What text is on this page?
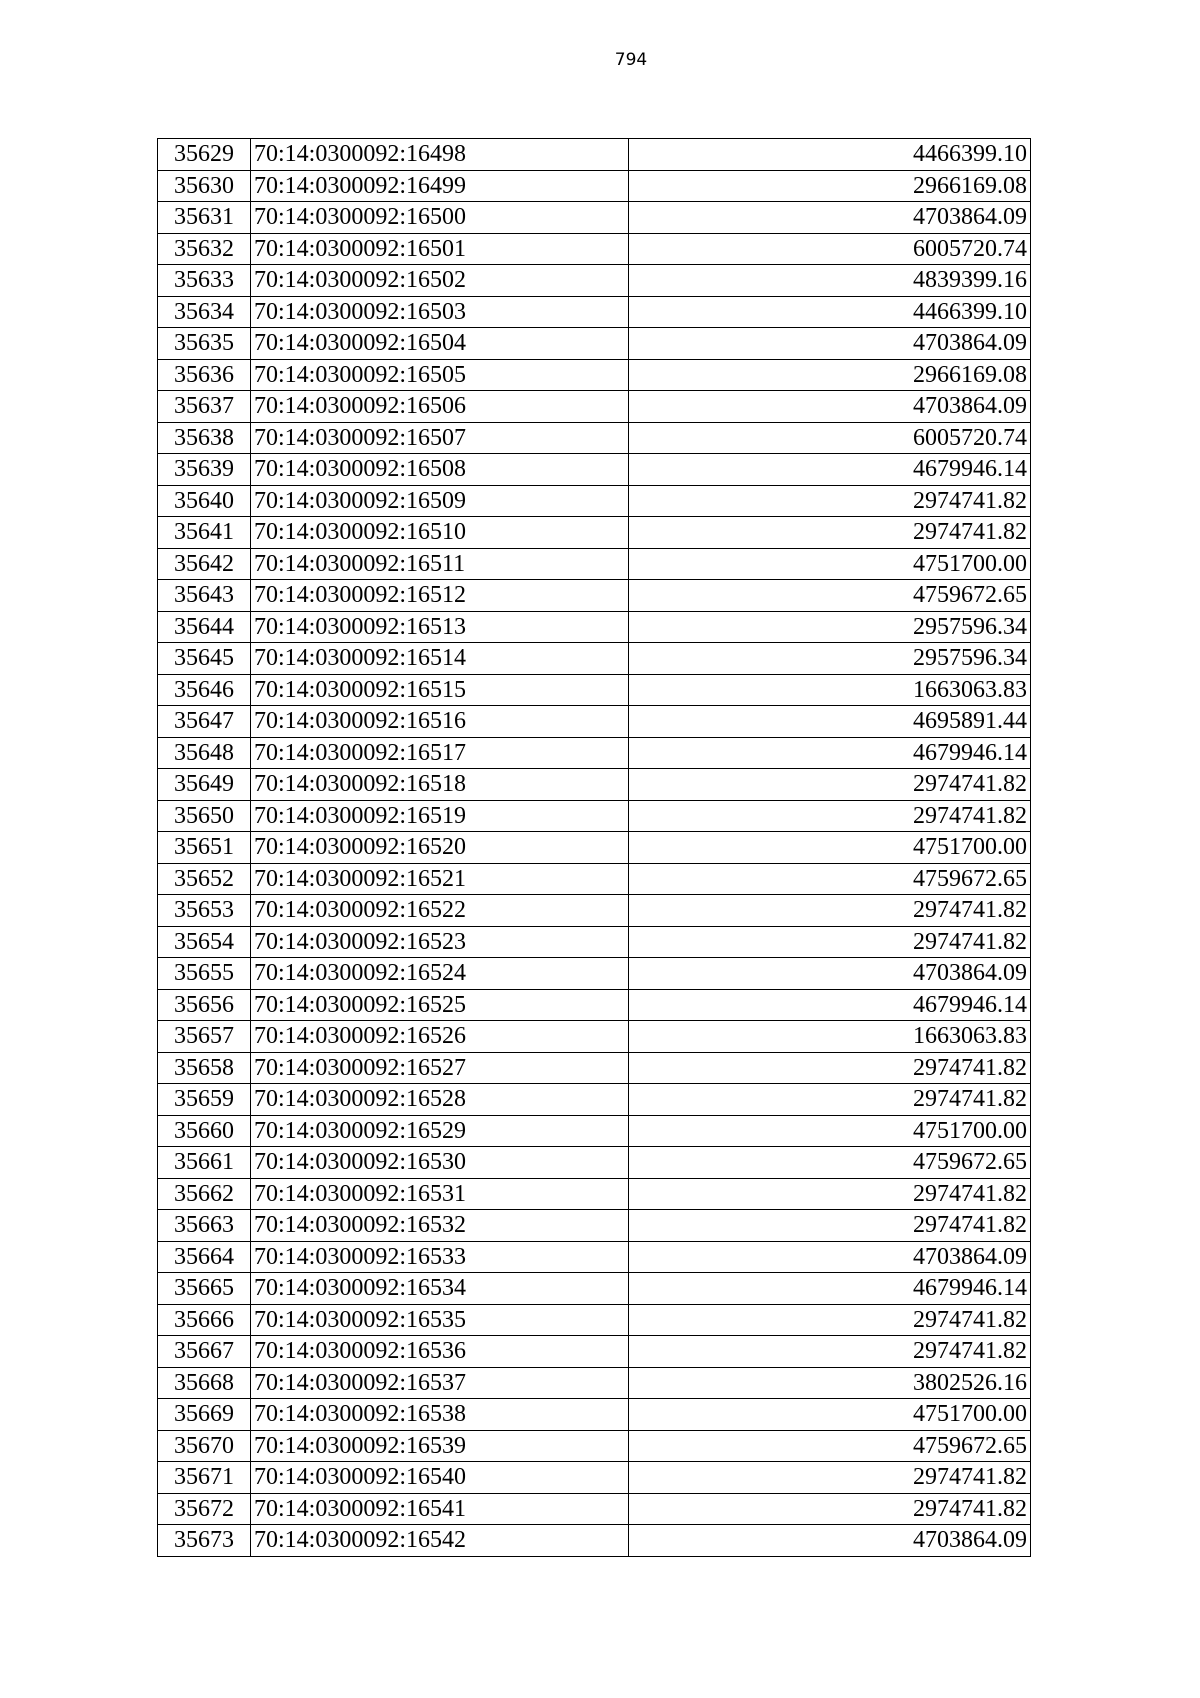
794
35629	70:14:0300092:16498	4466399.10
35630	70:14:0300092:16499	2966169.08
35631	70:14:0300092:16500	4703864.09
35632	70:14:0300092:16501	6005720.74
35633	70:14:0300092:16502	4839399.16
35634	70:14:0300092:16503	4466399.10
35635	70:14:0300092:16504	4703864.09
35636	70:14:0300092:16505	2966169.08
35637	70:14:0300092:16506	4703864.09
35638	70:14:0300092:16507	6005720.74
35639	70:14:0300092:16508	4679946.14
35640	70:14:0300092:16509	2974741.82
35641	70:14:0300092:16510	2974741.82
35642	70:14:0300092:16511	4751700.00
35643	70:14:0300092:16512	4759672.65
35644	70:14:0300092:16513	2957596.34
35645	70:14:0300092:16514	2957596.34
35646	70:14:0300092:16515	1663063.83
35647	70:14:0300092:16516	4695891.44
35648	70:14:0300092:16517	4679946.14
35649	70:14:0300092:16518	2974741.82
35650	70:14:0300092:16519	2974741.82
35651	70:14:0300092:16520	4751700.00
35652	70:14:0300092:16521	4759672.65
35653	70:14:0300092:16522	2974741.82
35654	70:14:0300092:16523	2974741.82
35655	70:14:0300092:16524	4703864.09
35656	70:14:0300092:16525	4679946.14
35657	70:14:0300092:16526	1663063.83
35658	70:14:0300092:16527	2974741.82
35659	70:14:0300092:16528	2974741.82
35660	70:14:0300092:16529	4751700.00
35661	70:14:0300092:16530	4759672.65
35662	70:14:0300092:16531	2974741.82
35663	70:14:0300092:16532	2974741.82
35664	70:14:0300092:16533	4703864.09
35665	70:14:0300092:16534	4679946.14
35666	70:14:0300092:16535	2974741.82
35667	70:14:0300092:16536	2974741.82
35668	70:14:0300092:16537	3802526.16
35669	70:14:0300092:16538	4751700.00
35670	70:14:0300092:16539	4759672.65
35671	70:14:0300092:16540	2974741.82
35672	70:14:0300092:16541	2974741.82
35673	70:14:0300092:16542	4703864.09
